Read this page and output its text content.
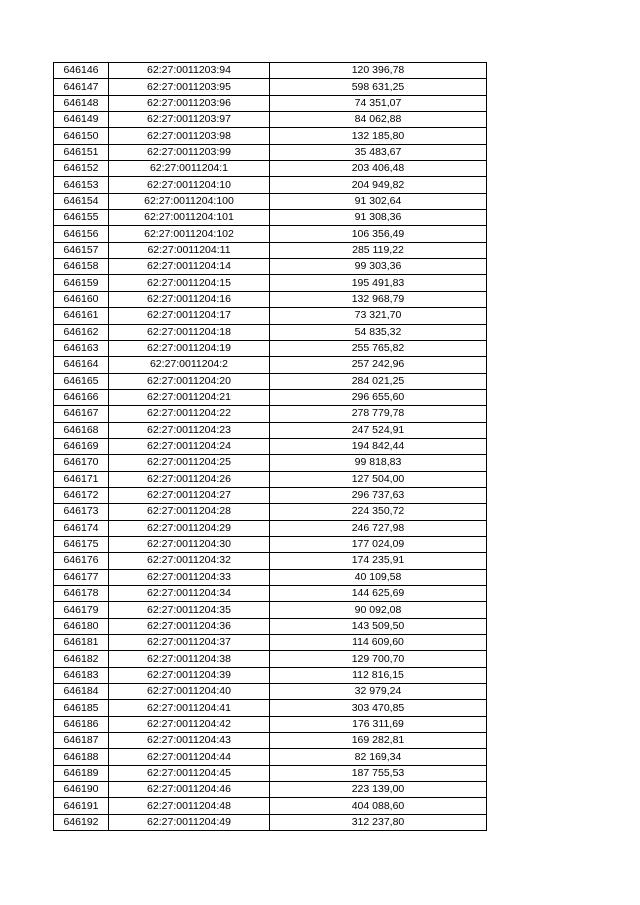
646146	62:27:0011203:94	120 396,78
646147	62:27:0011203:95	598 631,25
646148	62:27:0011203:96	74 351,07
646149	62:27:0011203:97	84 062,88
646150	62:27:0011203:98	132 185,80
646151	62:27:0011203:99	35 483,67
646152	62:27:0011204:1	203 406,48
646153	62:27:0011204:10	204 949,82
646154	62:27:0011204:100	91 302,64
646155	62:27:0011204:101	91 308,36
646156	62:27:0011204:102	106 356,49
646157	62:27:0011204:11	285 119,22
646158	62:27:0011204:14	99 303,36
646159	62:27:0011204:15	195 491,83
646160	62:27:0011204:16	132 968,79
646161	62:27:0011204:17	73 321,70
646162	62:27:0011204:18	54 835,32
646163	62:27:0011204:19	255 765,82
646164	62:27:0011204:2	257 242,96
646165	62:27:0011204:20	284 021,25
646166	62:27:0011204:21	296 655,60
646167	62:27:0011204:22	278 779,78
646168	62:27:0011204:23	247 524,91
646169	62:27:0011204:24	194 842,44
646170	62:27:0011204:25	99 818,83
646171	62:27:0011204:26	127 504,00
646172	62:27:0011204:27	296 737,63
646173	62:27:0011204:28	224 350,72
646174	62:27:0011204:29	246 727,98
646175	62:27:0011204:30	177 024,09
646176	62:27:0011204:32	174 235,91
646177	62:27:0011204:33	40 109,58
646178	62:27:0011204:34	144 625,69
646179	62:27:0011204:35	90 092,08
646180	62:27:0011204:36	143 509,50
646181	62:27:0011204:37	114 609,60
646182	62:27:0011204:38	129 700,70
646183	62:27:0011204:39	112 816,15
646184	62:27:0011204:40	32 979,24
646185	62:27:0011204:41	303 470,85
646186	62:27:0011204:42	176 311,69
646187	62:27:0011204:43	169 282,81
646188	62:27:0011204:44	82 169,34
646189	62:27:0011204:45	187 755,53
646190	62:27:0011204:46	223 139,00
646191	62:27:0011204:48	404 088,60
646192	62:27:0011204:49	312 237,80
